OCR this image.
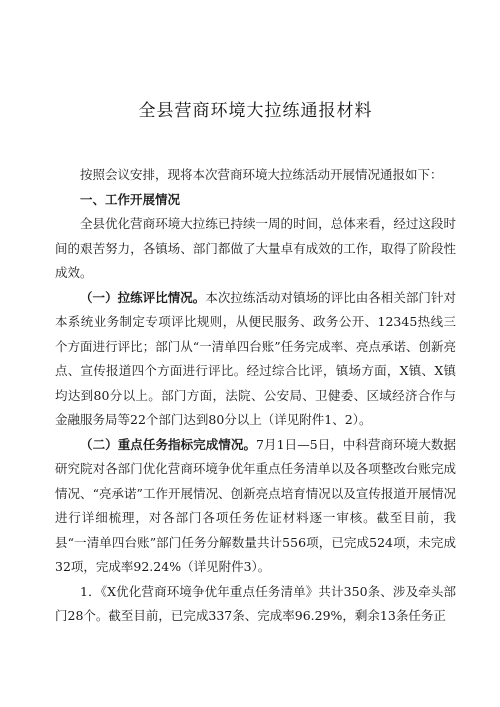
全县营商环境大拉练通报材料

按照会议安排，现将本次营商环境大拉练活动开展情况通报如下：

一、工作开展情况

全县优化营商环境大拉练已持续一周的时间，总体来看，经过这段时间的艰苦努力，各镇场、部门都做了大量卓有成效的工作，取得了阶段性成效。

（一）拉练评比情况。本次拉练活动对镇场的评比由各相关部门针对本系统业务制定专项评比规则，从便民服务、政务公开、12345热线三个方面进行评比；部门从“一清单四台账”任务完成率、亮点承诺、创新亮点、宣传报道四个方面进行评比。经过综合比评，镇场方面，X镇、X镇均达到80分以上。部门方面，法院、公安局、卫健委、区域经济合作与金融服务局等22个部门达到80分以上（详见附件1、2）。

（二）重点任务指标完成情况。7月1日—5日，中科营商环境大数据研究院对各部门优化营商环境争优年重点任务清单以及各项整改台账完成情况、“亮承诺”工作开展情况、创新亮点培育情况以及宣传报道开展情况进行详细梳理，对各部门各项任务佐证材料逐一审核。截至目前，我县“一清单四台账”部门任务分解数量共计556项，已完成524项，未完成32项，完成率92.24%（详见附件3）。

1．《X优化营商环境争优年重点任务清单》共计350条、涉及牵头部门28个。截至目前，已完成337条、完成率96.29%，剩余13条任务正
